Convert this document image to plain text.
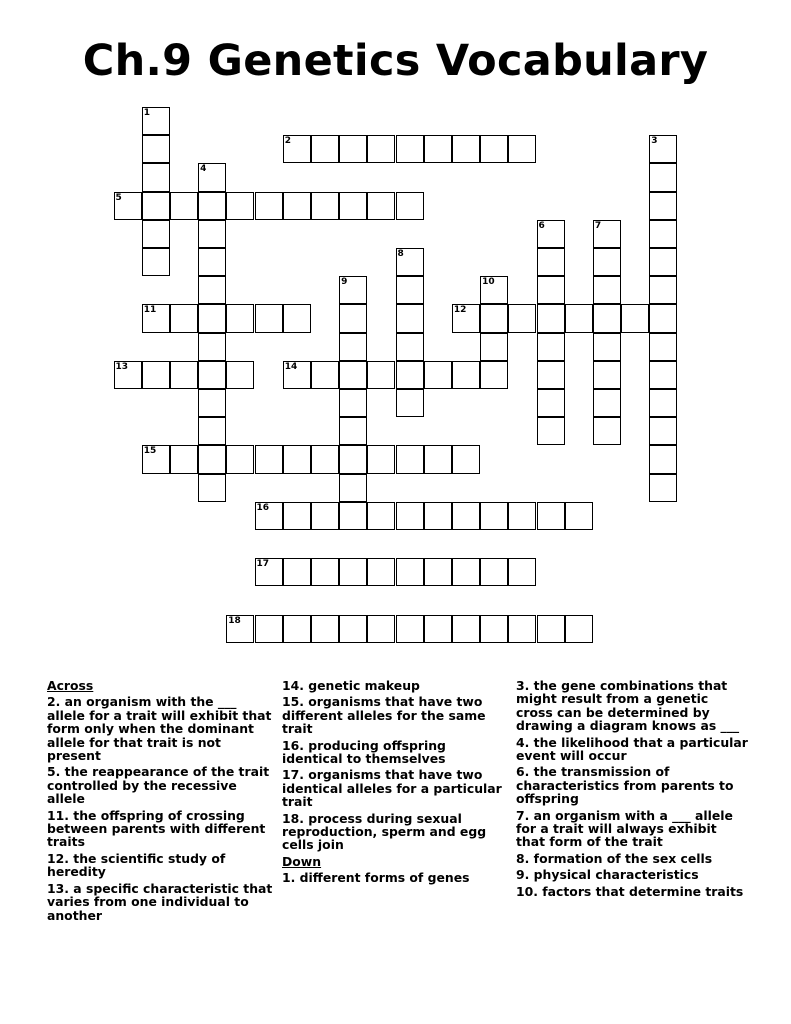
Ch.9 Genetics Vocabulary
1
2	3
4
5
6	7
8
9	10
11	12
13	14
15
16
17
18
Across
2. an organism with the ___ allele for a trait will exhibit that form only when the dominant allele for that trait is not present
5. the reappearance of the trait controlled by the recessive allele
11. the offspring of crossing between parents with different traits
12. the scientific study of heredity
13. a specific characteristic that varies from one individual to another
14. genetic makeup
15. organisms that have two different alleles for the same trait
16. producing offspring identical to themselves
17. organisms that have two identical alleles for a particular trait
18. process during sexual reproduction, sperm and egg cells join
Down
1. different forms of genes
3. the gene combinations that might result from a genetic cross can be determined by drawing a diagram knows as ___
4. the likelihood that a particular event will occur
6. the transmission of characteristics from parents to offspring
7. an organism with a ___ allele for a trait will always exhibit that form of the trait
8. formation of the sex cells
9. physical characteristics
10. factors that determine traits
